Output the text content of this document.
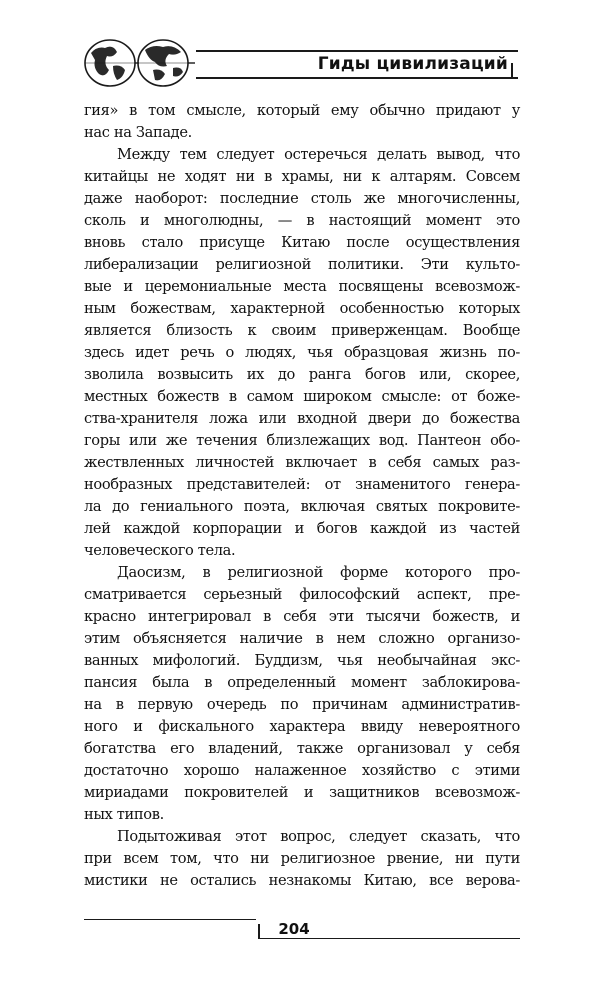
Гиды цивилизаций
гия» в том смысле, который ему обычно придают у
нас на Западе.
Между тем следует остеречься делать вывод, что
китайцы не ходят ни в храмы, ни к алтарям. Совсем
даже наоборот: последние столь же многочисленны,
сколь и многолюдны, — в настоящий момент это
вновь стало присуще Китаю после осуществления
либерализации религиозной политики. Эти культо-
вые и церемониальные места посвящены всевозмож-
ным божествам, характерной особенностью которых
является близость к своим приверженцам. Вообще
здесь идет речь о людях, чья образцовая жизнь по-
зволила возвысить их до ранга богов или, скорее,
местных божеств в самом широком смысле: от боже-
ства-хранителя ложа или входной двери до божества
горы или же течения близлежащих вод. Пантеон обо-
жествленных личностей включает в себя самых раз-
нообразных представителей: от знаменитого генера-
ла до гениального поэта, включая святых покровите-
лей каждой корпорации и богов каждой из частей
человеческого тела.
Даосизм, в религиозной форме которого про-
сматривается серьезный философский аспект, пре-
красно интегрировал в себя эти тысячи божеств, и
этим объясняется наличие в нем сложно организо-
ванных мифологий. Буддизм, чья необычайная экс-
пансия была в определенный момент заблокирова-
на в первую очередь по причинам административ-
ного и фискального характера ввиду невероятного
богатства его владений, также организовал у себя
достаточно хорошо налаженное хозяйство с этими
мириадами покровителей и защитников всевозмож-
ных типов.
Подытоживая этот вопрос, следует сказать, что
при всем том, что ни религиозное рвение, ни пути
мистики не остались незнакомы Китаю, все верова-
204
